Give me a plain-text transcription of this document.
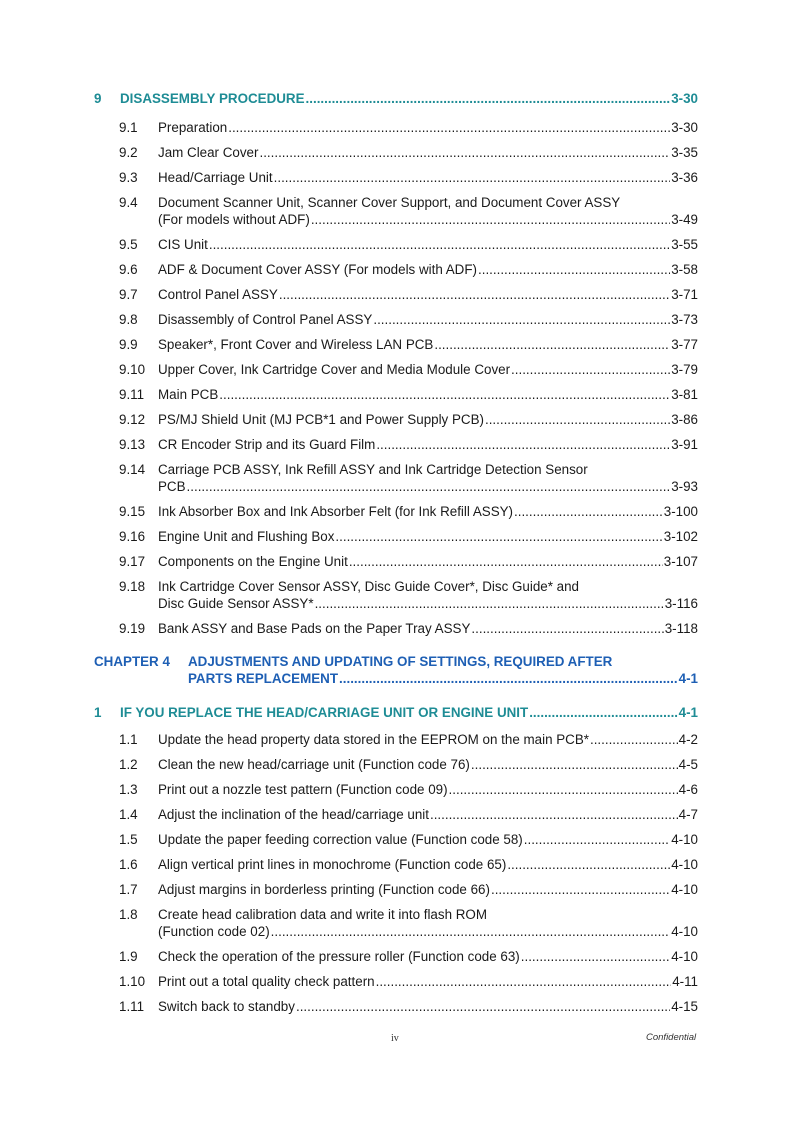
9	DISASSEMBLY PROCEDURE .....	3-30
9.1	Preparation .....	3-30
9.2	Jam Clear Cover .....	3-35
9.3	Head/Carriage Unit .....	3-36
9.4	Document Scanner Unit, Scanner Cover Support, and Document Cover ASSY
(For models without ADF) .....	3-49
9.5	CIS Unit .....	3-55
9.6	ADF & Document Cover ASSY (For models with ADF) .....	3-58
9.7	Control Panel ASSY .....	3-71
9.8	Disassembly of Control Panel ASSY .....	3-73
9.9	Speaker*, Front Cover and Wireless LAN PCB .....	3-77
9.10 Upper Cover, Ink Cartridge Cover and Media Module Cover .....	3-79
9.11	Main PCB .....	3-81
9.12 PS/MJ Shield Unit (MJ PCB*1 and Power Supply PCB) .....	3-86
9.13 CR Encoder Strip and its Guard Film .....	3-91
9.14 Carriage PCB ASSY, Ink Refill ASSY and Ink Cartridge Detection Sensor
PCB .....	3-93
9.15 Ink Absorber Box and Ink Absorber Felt (for Ink Refill ASSY) .....	3-100
9.16 Engine Unit and Flushing Box .....	3-102
9.17 Components on the Engine Unit .....	3-107
9.18 Ink Cartridge Cover Sensor ASSY, Disc Guide Cover*, Disc Guide* and
Disc Guide Sensor ASSY* .....	3-116
9.19 Bank ASSY and Base Pads on the Paper Tray ASSY .....	3-118
CHAPTER 4	ADJUSTMENTS AND UPDATING OF SETTINGS, REQUIRED AFTER
PARTS REPLACEMENT .....	4-1
1	IF YOU REPLACE THE HEAD/CARRIAGE UNIT OR ENGINE UNIT .....	4-1
1.1	Update the head property data stored in the EEPROM on the main PCB* .....	4-2
1.2	Clean the new head/carriage unit (Function code 76) .....	4-5
1.3	Print out a nozzle test pattern (Function code 09) .....	4-6
1.4	Adjust the inclination of the head/carriage unit .....	4-7
1.5	Update the paper feeding correction value (Function code 58) .....	4-10
1.6	Align vertical print lines in monochrome (Function code 65) .....	4-10
1.7	Adjust margins in borderless printing (Function code 66) .....	4-10
1.8	Create head calibration data and write it into flash ROM
(Function code 02) .....	4-10
1.9	Check the operation of the pressure roller (Function code 63) .....	4-10
1.10 Print out a total quality check pattern .....	4-11
1.11	Switch back to standby .....	4-15
iv	Confidential
